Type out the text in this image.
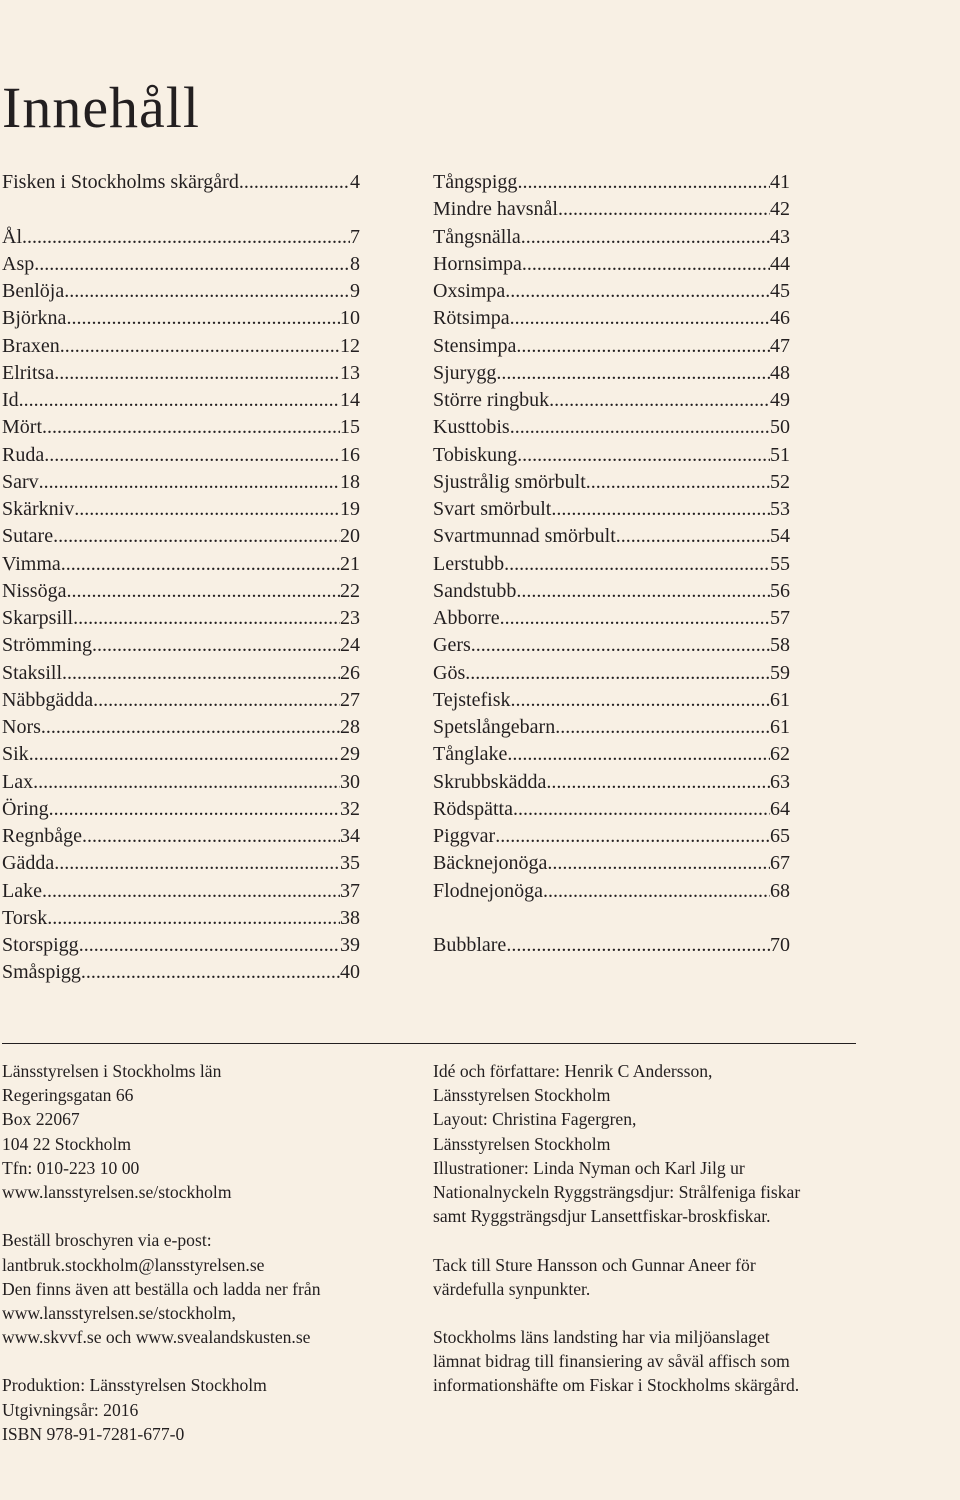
Innehåll
Fisken i Stockholms skärgård .....	4
Ål .....	7
Asp .....	8
Benlöja .....	9
Björkna .....	10
Braxen .....	12
Elritsa .....	13
Id .....	14
Mört .....	15
Ruda .....	16
Sarv .....	18
Skärkniv .....	19
Sutare .....	20
Vimma .....	21
Nissöga .....	22
Skarpsill .....	23
Strömming .....	24
Staksill .....	26
Näbbgädda .....	27
Nors .....	28
Sik .....	29
Lax .....	30
Öring .....	32
Regnbåge .....	34
Gädda .....	35
Lake .....	37
Torsk .....	38
Storspigg .....	39
Småspigg .....	40
Tångspigg .....	41
Mindre havsnål .....	42
Tångsnälla .....	43
Hornsimpa .....	44
Oxsimpa .....	45
Rötsimpa .....	46
Stensimpa .....	47
Sjurygg .....	48
Större ringbuk .....	49
Kusttobis .....	50
Tobiskung .....	51
Sjustrålig smörbult .....	52
Svart smörbult .....	53
Svartmunnad smörbult .....	54
Lerstubb .....	55
Sandstubb .....	56
Abborre .....	57
Gers .....	58
Gös .....	59
Tejstefisk .....	61
Spetslångebarn .....	61
Tånglake .....	62
Skrubbskädda .....	63
Rödspätta .....	64
Piggvar .....	65
Bäcknejonöga .....	67
Flodnejonöga .....	68
Bubblare .....	70
Länsstyrelsen i Stockholms län
Regeringsgatan 66
Box 22067
104 22 Stockholm
Tfn: 010-223 10 00
www.lansstyrelsen.se/stockholm
Beställ broschyren via e-post:
lantbruk.stockholm@lansstyrelsen.se
Den finns även att beställa och ladda ner från
www.lansstyrelsen.se/stockholm,
www.skvvf.se och www.svealandskusten.se
Produktion: Länsstyrelsen Stockholm
Utgivningsår: 2016
ISBN 978-91-7281-677-0
Idé och författare: Henrik C Andersson,
Länsstyrelsen Stockholm
Layout: Christina Fagergren,
Länsstyrelsen Stockholm
Illustrationer: Linda Nyman och Karl Jilg ur
Nationalnyckeln Ryggsträngsdjur: Strålfeniga fiskar
samt Ryggsträngsdjur Lansettfiskar-broskfiskar.
Tack till Sture Hansson och Gunnar Aneer för
värdefulla synpunkter.
Stockholms läns landsting har via miljöanslaget
lämnat bidrag till finansiering av såväl affisch som
informationshäfte om Fiskar i Stockholms skärgård.
